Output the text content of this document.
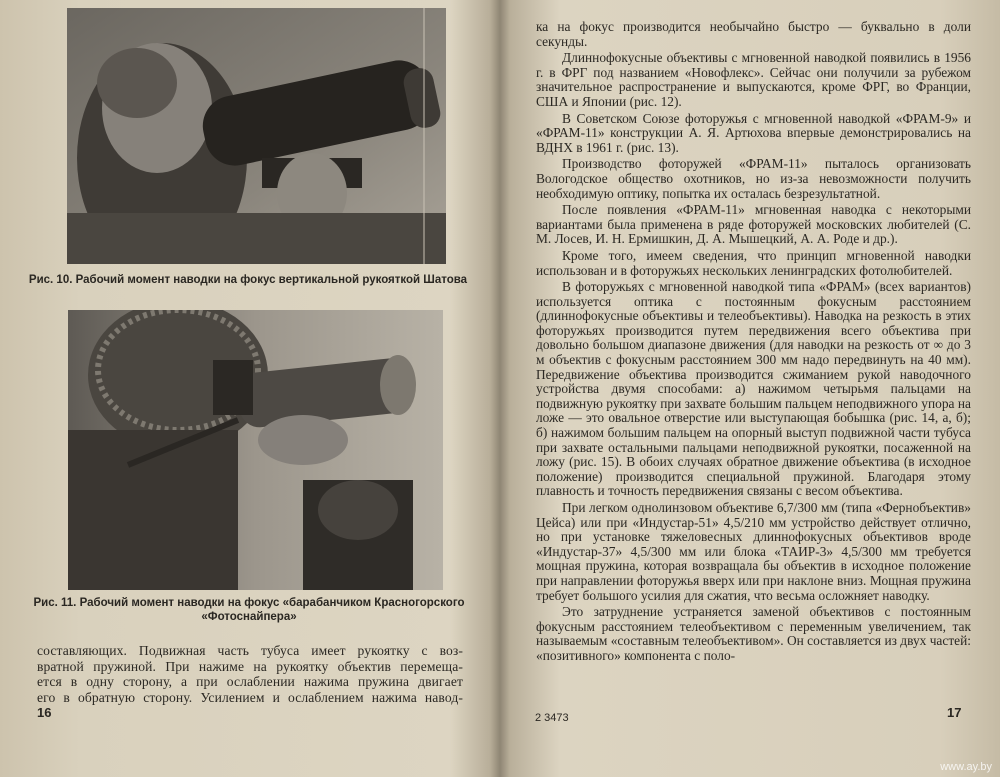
Рис. 10. Рабочий момент наводки на фокус вертикальной рукояткой Шатова
Рис. 11. Рабочий момент наводки на фокус «барабанчиком Красногорского «Фотоснайпера»
составляющих. Подвижная часть тубуса имеет рукоятку с воз-
вратной пружиной. При нажиме на рукоятку объектив перемеща-
ется в одну сторону, а при ослаблении нажима пружина двигает
его в обратную сторону. Усилением и ослаблением нажима навод-
16

ка на фокус производится необычайно быстро — буквально в доли секунды.

Длиннофокусные объективы с мгновенной наводкой появились в 1956 г. в ФРГ под названием «Новофлекс». Сейчас они получили за рубежом значительное распространение и выпускаются, кроме ФРГ, во Франции, США и Японии (рис. 12).

В Советском Союзе фоторужья с мгновенной наводкой «ФРАМ-9» и «ФРАМ-11» конструкции А. Я. Артюхова впервые демонстрировались на ВДНХ в 1961 г. (рис. 13).

Производство фоторужей «ФРАМ-11» пыталось организовать Вологодское общество охотников, но из-за невозможности получить необходимую оптику, попытка их осталась безрезультатной.

После появления «ФРАМ-11» мгновенная наводка с некоторыми вариантами была применена в ряде фоторужей московских любителей (С. М. Лосев, И. Н. Ермишкин, Д. А. Мышецкий, А. А. Роде и др.).

Кроме того, имеем сведения, что принцип мгновенной наводки использован и в фоторужьях нескольких ленинградских фотолюбителей.

В фоторужьях с мгновенной наводкой типа «ФРАМ» (всех вариантов) используется оптика с постоянным фокусным расстоянием (длиннофокусные объективы и телеобъективы). Наводка на резкость в этих фоторужьях производится путем передвижения всего объектива при довольно большом диапазоне движения (для наводки на резкость от ∞ до 3 м объектив с фокусным расстоянием 300 мм надо передвинуть на 40 мм). Передвижение объектива производится сжиманием рукой наводочного устройства двумя способами: а) нажимом четырьмя пальцами на подвижную рукоятку при захвате большим пальцем неподвижного упора на ложе — это овальное отверстие или выступающая бобышка (рис. 14, а, б); б) нажимом большим пальцем на опорный выступ подвижной части тубуса при захвате остальными пальцами неподвижной рукоятки, посаженной на ложу (рис. 15). В обоих случаях обратное движение объектива (в исходное положение) производится специальной пружиной. Благодаря этому плавность и точность передвижения связаны с весом объектива.

При легком однолинзовом объективе 6,7/300 мм (типа «Фернобъектив» Цейса) или при «Индустар-51» 4,5/210 мм устройство действует отлично, но при установке тяжеловесных длиннофокусных объективов вроде «Индустар-37» 4,5/300 мм или блока «ТАИР-3» 4,5/300 мм требуется мощная пружина, которая возвращала бы объектив в исходное положение при направлении фоторужья вверх или при наклоне вниз. Мощная пружина требует большого усилия для сжатия, что весьма осложняет наводку.

Это затруднение устраняется заменой объективов с постоянным фокусным расстоянием телеобъективом с переменным увеличением, так называемым «составным телеобъективом». Он составляется из двух частей: «позитивного» компонента с поло-

2 3473	17
www.ay.by
